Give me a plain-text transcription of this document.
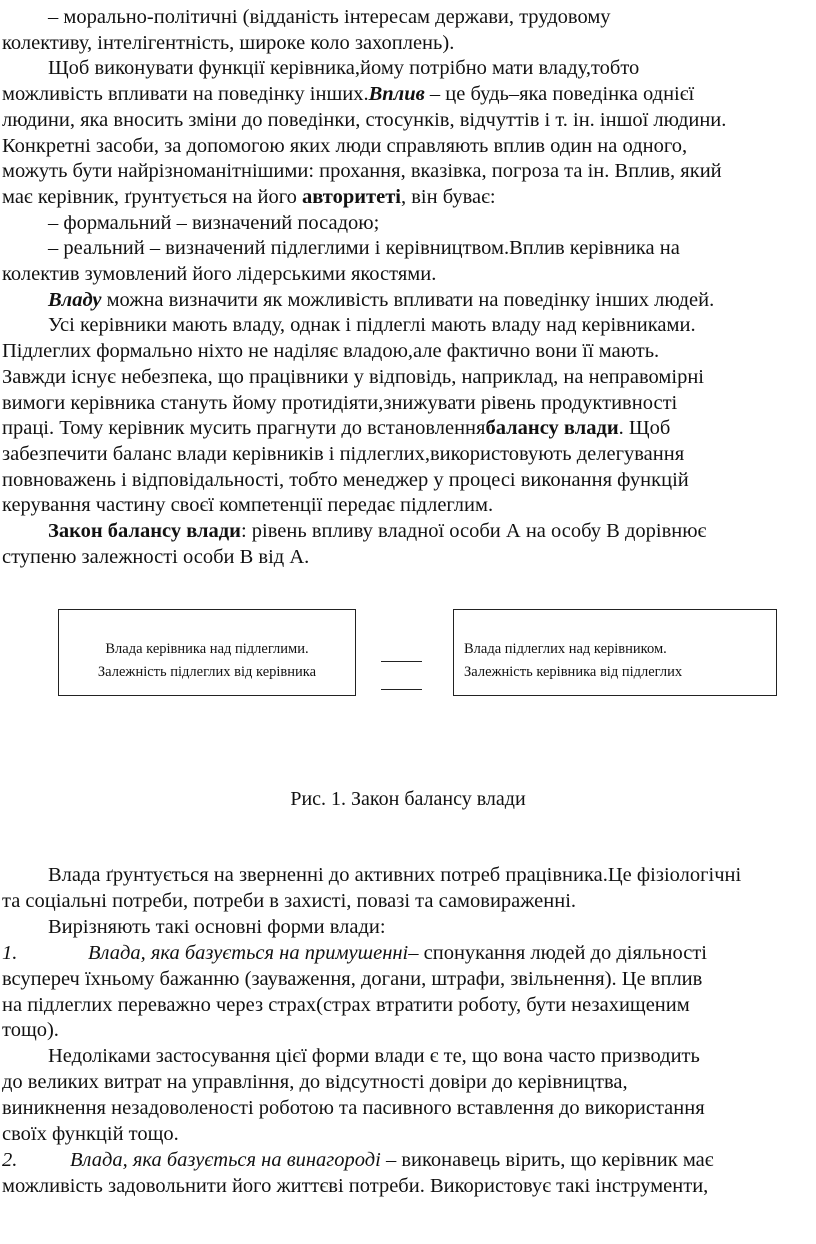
– морально-політичні (відданість інтересам держави, трудовому
колективу, інтелігентність, широке коло захоплень).
Щоб виконувати функції керівника,йому потрібно мати владу,тобто
можливість впливати на поведінку інших.Вплив – це будь–яка поведінка однієї
людини, яка вносить зміни до поведінки, стосунків, відчуттів і т. ін. іншої людини.
Конкретні засоби, за допомогою яких люди справляють вплив один на одного,
можуть бути найрізноманітнішими: прохання, вказівка, погроза та ін. Вплив, який
має керівник, ґрунтується на його авторитеті, він буває:
– формальний – визначений посадою;
– реальний – визначений підлеглими і керівництвом.Вплив керівника на
колектив зумовлений його лідерськими якостями.
Владу можна визначити як можливість впливати на поведінку інших людей.
Усі керівники мають владу, однак і підлеглі мають владу над керівниками.
Підлеглих формально ніхто не наділяє владою,але фактично вони її мають.
Завжди існує небезпека, що працівники у відповідь, наприклад, на неправомірні
вимоги керівника стануть йому протидіяти,знижувати рівень продуктивності
праці. Тому керівник мусить прагнути до встановленнябалансу влади. Щоб
забезпечити баланс влади керівників і підлеглих,використовують делегування
повноважень і відповідальності, тобто менеджер у процесі виконання функцій
керування частину своєї компетенції передає підлеглим.
Закон балансу влади: рівень впливу владної особи А на особу В дорівнює
ступеню залежності особи В від А.
Влада керівника над підлеглими.
Залежність підлеглих від керівника
Влада підлеглих над керівником.
Залежність керівника від підлеглих
Рис. 1. Закон балансу влади
Влада ґрунтується на зверненні до активних потреб працівника.Це фізіологічні
та соціальні потреби, потреби в захисті, повазі та самовираженні.
Вирізняють такі основні форми влади:
1.	Влада, яка базується на примушенні– спонукання людей до діяльності
всупереч їхньому бажанню (зауваження, догани, штрафи, звільнення). Це вплив
на підлеглих переважно через страх(страх втратити роботу, бути незахищеним
тощо).
Недоліками застосування цієї форми влади є те, що вона часто призводить
до великих витрат на управління, до відсутності довіри до керівництва,
виникнення незадоволеності роботою та пасивного вставлення до використання
своїх функцій тощо.
2.	Влада, яка базується на винагороді – виконавець вірить, що керівник має
можливість задовольнити його життєві потреби. Використовує такі інструменти,
